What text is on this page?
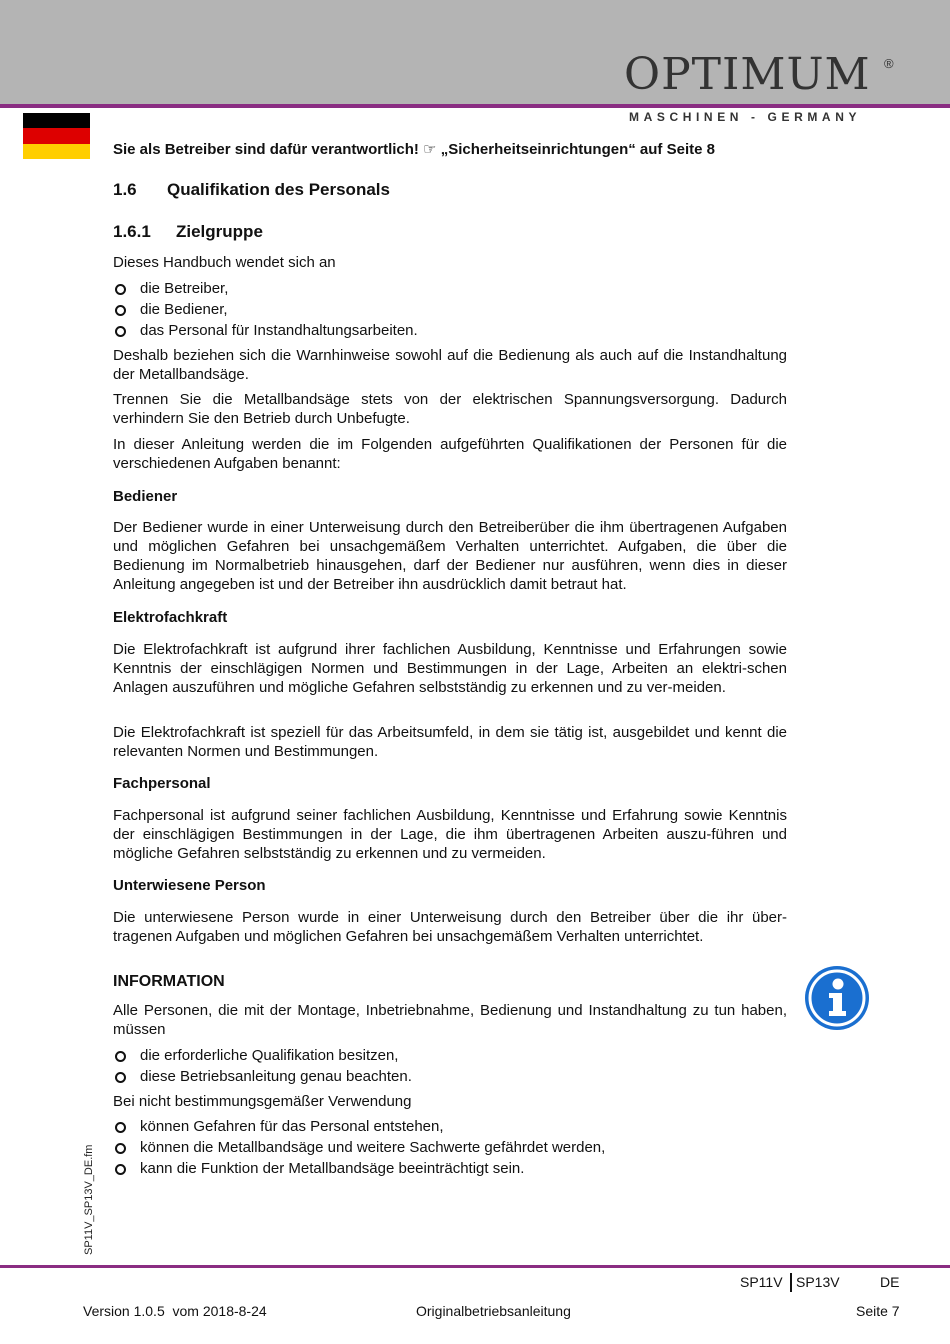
OPTIMUM ®
MASCHINEN - GERMANY
Sie als Betreiber sind dafür verantwortlich! ☞ „Sicherheitseinrichtungen“ auf Seite 8
1.6 Qualifikation des Personals
1.6.1 Zielgruppe
Dieses Handbuch wendet sich an
die Betreiber,
die Bediener,
das Personal für Instandhaltungsarbeiten.
Deshalb beziehen sich die Warnhinweise sowohl auf die Bedienung als auch auf die Instandhaltung der Metallbandsäge.
Trennen Sie die Metallbandsäge stets von der elektrischen Spannungsversorgung. Dadurch verhindern Sie den Betrieb durch Unbefugte.
In dieser Anleitung werden die im Folgenden aufgeführten Qualifikationen der Personen für die verschiedenen Aufgaben benannt:
Bediener
Der Bediener wurde in einer Unterweisung durch den Betreiberüber die ihm übertragenen Aufgaben und möglichen Gefahren bei unsachgemäßem Verhalten unterrichtet. Aufgaben, die über die Bedienung im Normalbetrieb hinausgehen, darf der Bediener nur ausführen, wenn dies in dieser Anleitung angegeben ist und der Betreiber ihn ausdrücklich damit betraut hat.
Elektrofachkraft
Die Elektrofachkraft ist aufgrund ihrer fachlichen Ausbildung, Kenntnisse und Erfahrungen sowie Kenntnis der einschlägigen Normen und Bestimmungen in der Lage, Arbeiten an elektri-schen Anlagen auszuführen und mögliche Gefahren selbstständig zu erkennen und zu ver-meiden.
Die Elektrofachkraft ist speziell für das Arbeitsumfeld, in dem sie tätig ist, ausgebildet und kennt die relevanten Normen und Bestimmungen.
Fachpersonal
Fachpersonal ist aufgrund seiner fachlichen Ausbildung, Kenntnisse und Erfahrung sowie Kenntnis der einschlägigen Bestimmungen in der Lage, die ihm übertragenen Arbeiten auszu-führen und mögliche Gefahren selbstständig zu erkennen und zu vermeiden.
Unterwiesene Person
Die unterwiesene Person wurde in einer Unterweisung durch den Betreiber über die ihr über-tragenen Aufgaben und möglichen Gefahren bei unsachgemäßem Verhalten unterrichtet.
INFORMATION
Alle Personen, die mit der Montage, Inbetriebnahme, Bedienung und Instandhaltung zu tun haben, müssen
die erforderliche Qualifikation besitzen,
diese Betriebsanleitung genau beachten.
Bei nicht bestimmungsgemäßer Verwendung
können Gefahren für das Personal entstehen,
können die Metallbandsäge und weitere Sachwerte gefährdet werden,
kann die Funktion der Metallbandsäge beeinträchtigt sein.
SP11V_SP13V_DE.fm
SP11V SP13V	DE
Version 1.0.5  vom 2018-8-24	Originalbetriebsanleitung	Seite 7
